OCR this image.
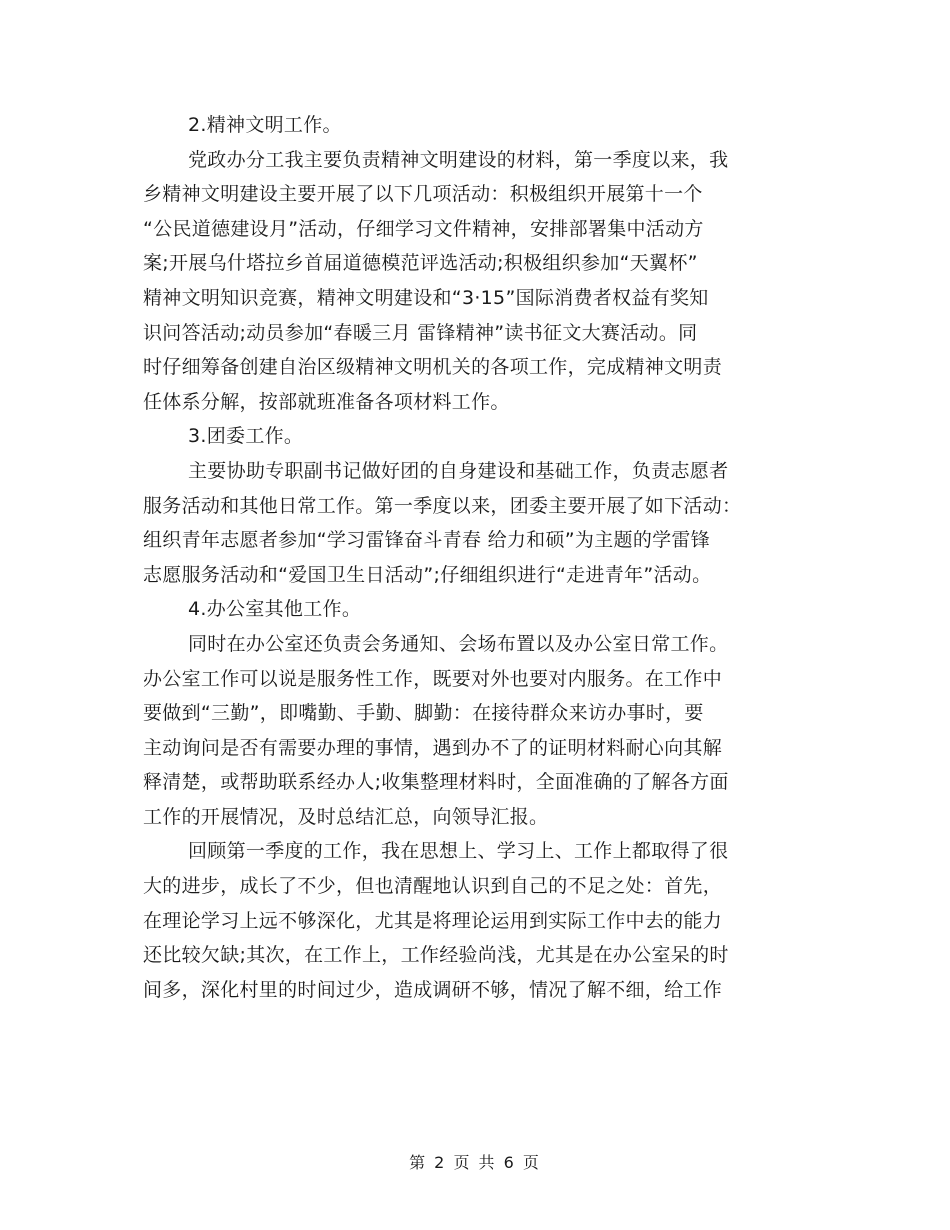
2.精神文明工作。
党政办分工我主要负责精神文明建设的材料，第一季度以来，我
乡精神文明建设主要开展了以下几项活动：积极组织开展第十一个
“公民道德建设月”活动，仔细学习文件精神，安排部署集中活动方
案;开展乌什塔拉乡首届道德模范评选活动;积极组织参加“天翼杯”
精神文明知识竞赛，精神文明建设和“3·15”国际消费者权益有奖知
识问答活动;动员参加“春暖三月 雷锋精神”读书征文大赛活动。同
时仔细筹备创建自治区级精神文明机关的各项工作，完成精神文明责
任体系分解，按部就班准备各项材料工作。
3.团委工作。
主要协助专职副书记做好团的自身建设和基础工作，负责志愿者
服务活动和其他日常工作。第一季度以来，团委主要开展了如下活动：
组织青年志愿者参加“学习雷锋奋斗青春 给力和硕”为主题的学雷锋
志愿服务活动和“爱国卫生日活动”;仔细组织进行“走进青年”活动。
4.办公室其他工作。
同时在办公室还负责会务通知、会场布置以及办公室日常工作。
办公室工作可以说是服务性工作，既要对外也要对内服务。在工作中
要做到“三勤”，即嘴勤、手勤、脚勤：在接待群众来访办事时，要
主动询问是否有需要办理的事情，遇到办不了的证明材料耐心向其解
释清楚，或帮助联系经办人;收集整理材料时，全面准确的了解各方面
工作的开展情况，及时总结汇总，向领导汇报。
回顾第一季度的工作，我在思想上、学习上、工作上都取得了很
大的进步，成长了不少，但也清醒地认识到自己的不足之处：首先，
在理论学习上远不够深化，尤其是将理论运用到实际工作中去的能力
还比较欠缺;其次，在工作上，工作经验尚浅，尤其是在办公室呆的时
间多，深化村里的时间过少，造成调研不够，情况了解不细，给工作
第 2 页 共 6 页
